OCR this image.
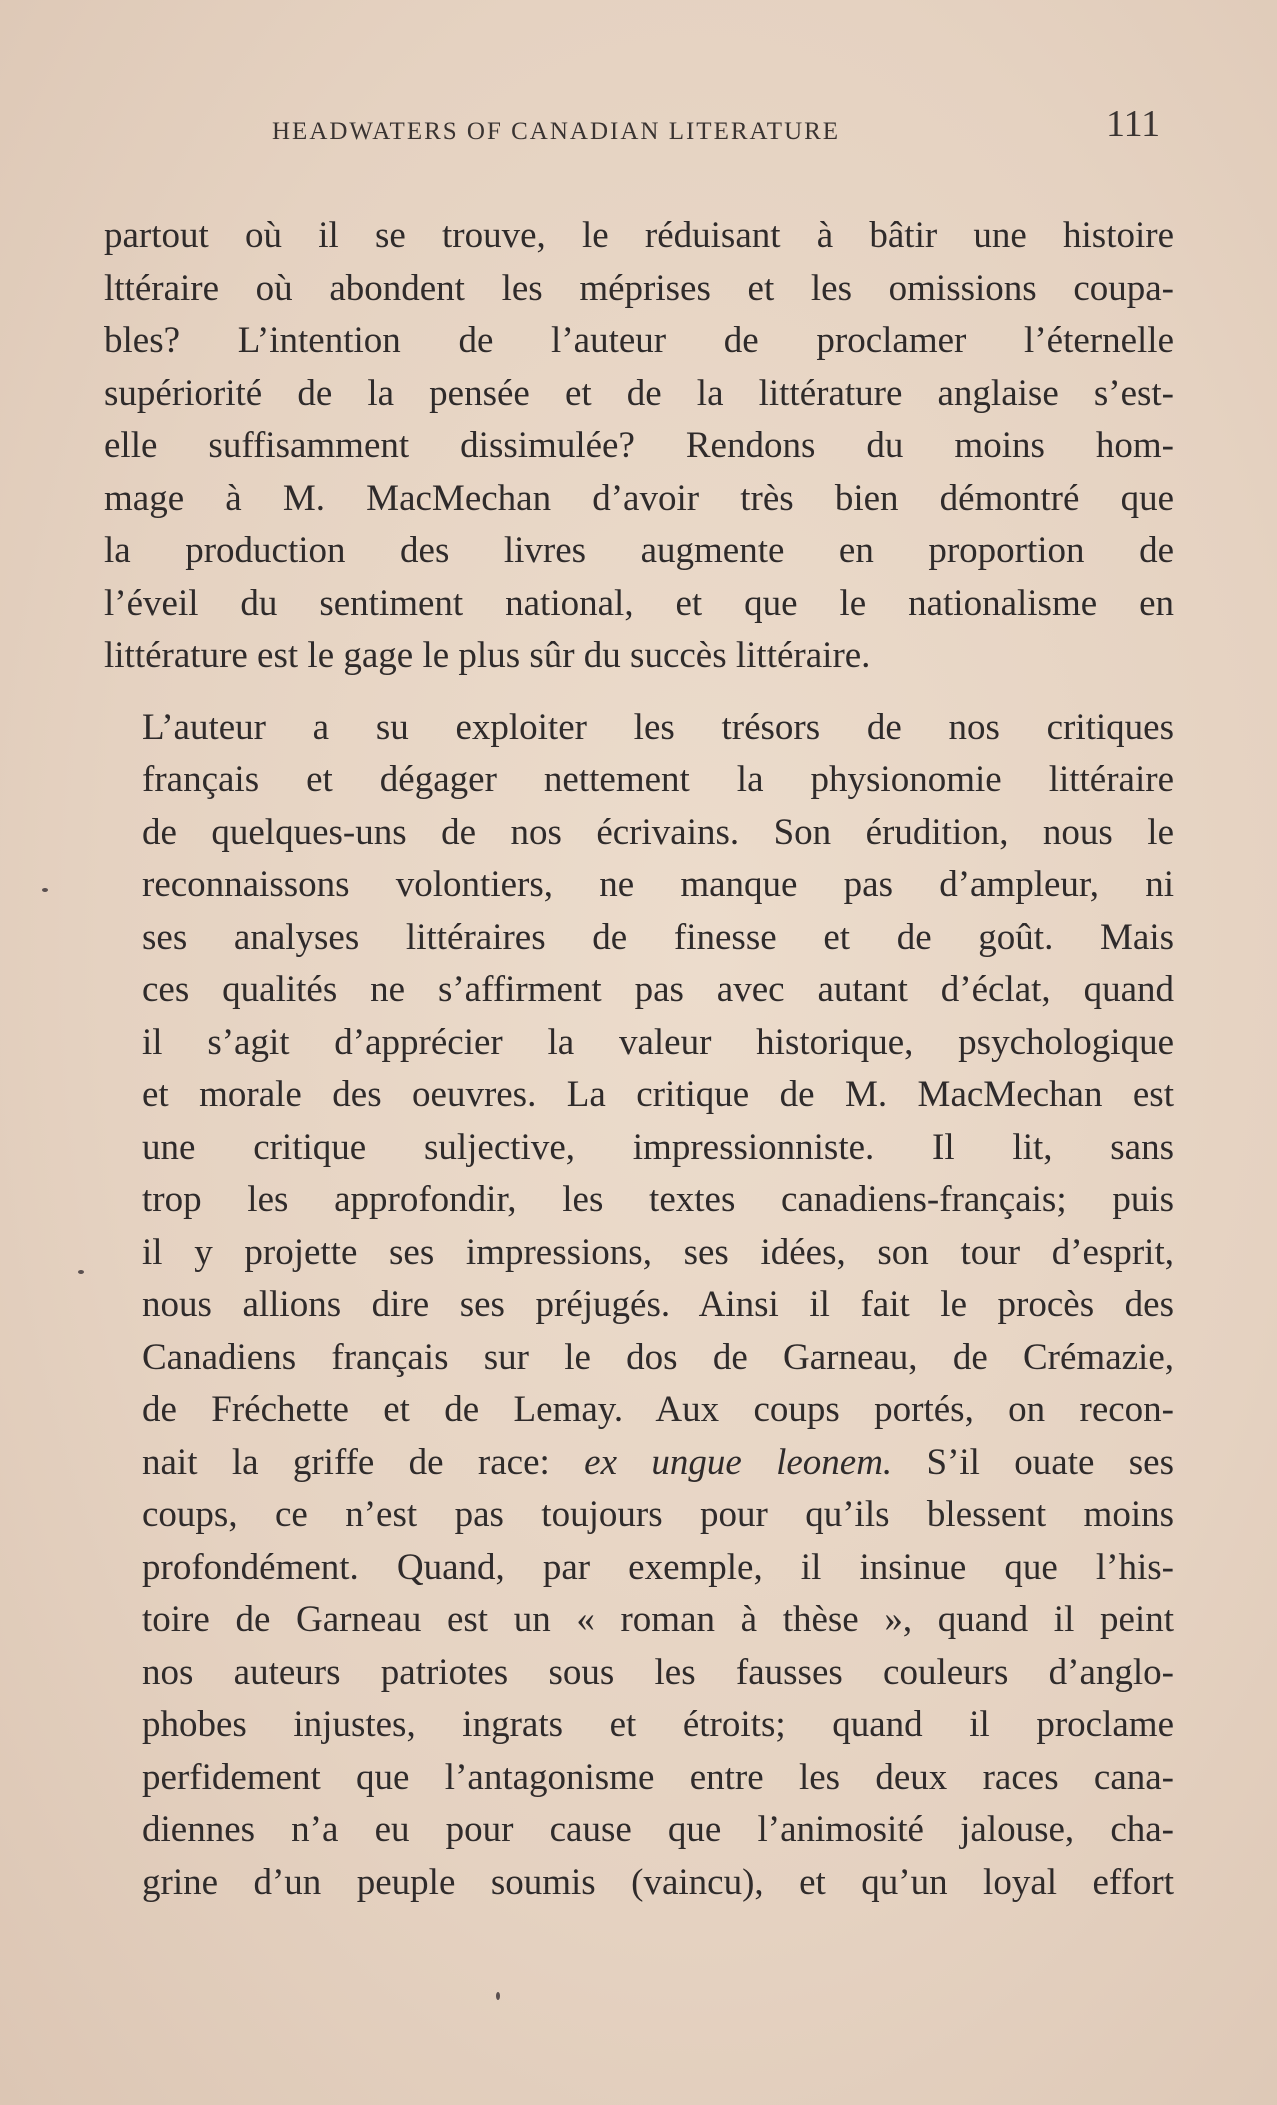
HEADWATERS OF CANADIAN LITERATURE	111

partout où il se trouve, le réduisant à bâtir une histoire
lttéraire où abondent les méprises et les omissions coupa-
bles? L’intention de l’auteur de proclamer l’éternelle
supériorité de la pensée et de la littérature anglaise s’est-
elle suffisamment dissimulée? Rendons du moins hom-
mage à M. MacMechan d’avoir très bien démontré que
la production des livres augmente en proportion de
l’éveil du sentiment national, et que le nationalisme en
littérature est le gage le plus sûr du succès littéraire.

L’auteur a su exploiter les trésors de nos critiques
français et dégager nettement la physionomie littéraire
de quelques-uns de nos écrivains. Son érudition, nous le
reconnaissons volontiers, ne manque pas d’ampleur, ni
ses analyses littéraires de finesse et de goût. Mais
ces qualités ne s’affirment pas avec autant d’éclat, quand
il s’agit d’apprécier la valeur historique, psychologique
et morale des oeuvres. La critique de M. MacMechan est
une critique suljective, impressionniste. Il lit, sans
trop les approfondir, les textes canadiens-français; puis
il y projette ses impressions, ses idées, son tour d’esprit,
nous allions dire ses préjugés. Ainsi il fait le procès des
Canadiens français sur le dos de Garneau, de Crémazie,
de Fréchette et de Lemay. Aux coups portés, on recon-
nait la griffe de race: ex ungue leonem. S’il ouate ses
coups, ce n’est pas toujours pour qu’ils blessent moins
profondément. Quand, par exemple, il insinue que l’his-
toire de Garneau est un « roman à thèse », quand il peint
nos auteurs patriotes sous les fausses couleurs d’anglo-
phobes injustes, ingrats et étroits; quand il proclame
perfidement que l’antagonisme entre les deux races cana-
diennes n’a eu pour cause que l’animosité jalouse, cha-
grine d’un peuple soumis (vaincu), et qu’un loyal effort
